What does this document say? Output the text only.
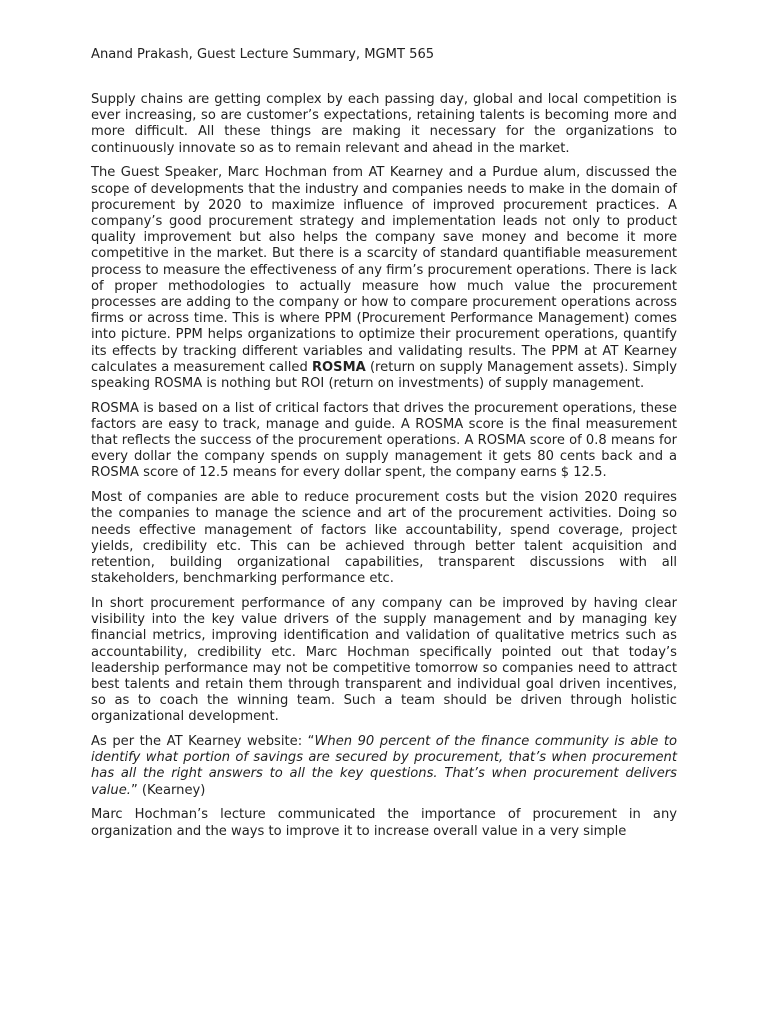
Anand Prakash, Guest Lecture Summary, MGMT 565

Supply chains are getting complex by each passing day, global and local competition is ever increasing, so are customer’s expectations, retaining talents is becoming more and more difficult. All these things are making it necessary for the organizations to continuously innovate so as to remain relevant and ahead in the market.

The Guest Speaker, Marc Hochman from AT Kearney and a Purdue alum, discussed the scope of developments that the industry and companies needs to make in the domain of procurement by 2020 to maximize influence of improved procurement practices. A company’s good procurement strategy and implementation leads not only to product quality improvement but also helps the company save money and become it more competitive in the market. But there is a scarcity of standard quantifiable measurement process to measure the effectiveness of any firm’s procurement operations. There is lack of proper methodologies to actually measure how much value the procurement processes are adding to the company or how to compare procurement operations across firms or across time. This is where PPM (Procurement Performance Management) comes into picture. PPM helps organizations to optimize their procurement operations, quantify its effects by tracking different variables and validating results. The PPM at AT Kearney calculates a measurement called ROSMA (return on supply Management assets). Simply speaking ROSMA is nothing but ROI (return on investments) of supply management.

ROSMA is based on a list of critical factors that drives the procurement operations, these factors are easy to track, manage and guide. A ROSMA score is the final measurement that reflects the success of the procurement operations. A ROSMA score of 0.8 means for every dollar the company spends on supply management it gets 80 cents back and a ROSMA score of 12.5 means for every dollar spent, the company earns $ 12.5.

Most of companies are able to reduce procurement costs but the vision 2020 requires the companies to manage the science and art of the procurement activities. Doing so needs effective management of factors like accountability, spend coverage, project yields, credibility etc. This can be achieved through better talent acquisition and retention, building organizational capabilities, transparent discussions with all stakeholders, benchmarking performance etc.

In short procurement performance of any company can be improved by having clear visibility into the key value drivers of the supply management and by managing key financial metrics, improving identification and validation of qualitative metrics such as accountability, credibility etc. Marc Hochman specifically pointed out that today’s leadership performance may not be competitive tomorrow so companies need to attract best talents and retain them through transparent and individual goal driven incentives, so as to coach the winning team. Such a team should be driven through holistic organizational development.

As per the AT Kearney website: “When 90 percent of the finance community is able to identify what portion of savings are secured by procurement, that’s when procurement has all the right answers to all the key questions. That’s when procurement delivers value.” (Kearney)

Marc Hochman’s lecture communicated the importance of procurement in any organization and the ways to improve it to increase overall value in a very simple
